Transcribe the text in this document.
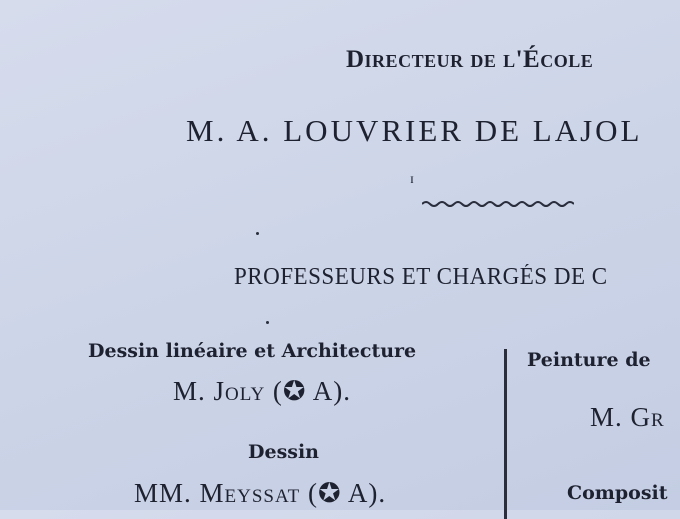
Directeur de l'École
M. A. LOUVRIER DE LAJOL
ɪ
PROFESSEURS ET CHARGÉS DE C
Dessin linéaire et Architecture
M. Joly (✪ A).
Dessin
MM. Meyssat (✪ A).
Peinture de
M. Gr
Composit
